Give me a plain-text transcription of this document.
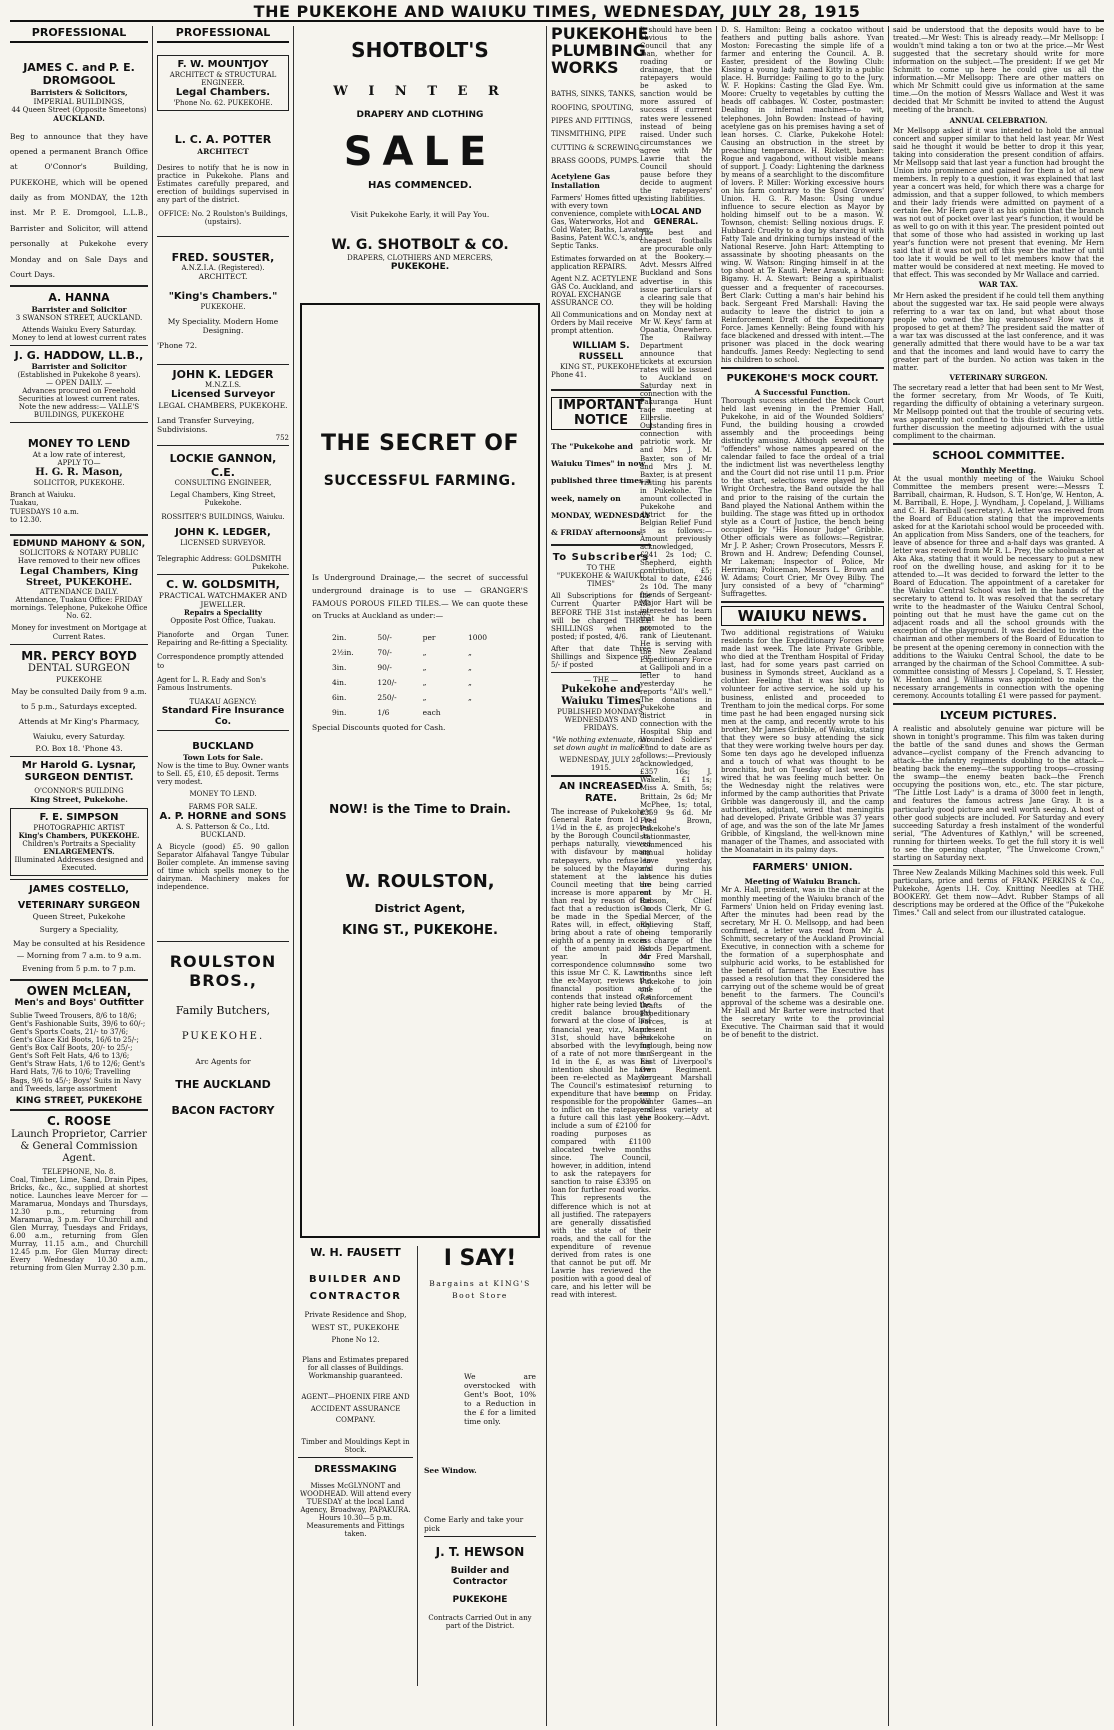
THE PUKEKOHE AND WAIUKU TIMES, WEDNESDAY, JULY 28, 1915
PROFESSIONAL
JAMES C. and P. E. DROMGOOL
Barristers & Solicitors,
IMPERIAL BUILDINGS,
44 Queen Street (Opposite Smeetons)
AUCKLAND.
Beg to announce that they have opened a permanent Branch Office at O'Connor's Building, PUKEKOHE, which will be opened daily as from MONDAY, the 12th inst. Mr P. E. Dromgool, L.L.B., Barrister and Solicitor, will attend personally at Pukekohe every Monday and on Sale Days and Court Days.
A. HANNA
Barrister and Solicitor
3 SWANSON STREET, AUCKLAND.
Attends Waiuku Every Saturday. Money to lend at lowest current rates
J. G. HADDOW, LL.B.,
Barrister and Solicitor
(Established in Pukekohe 8 years).
— OPEN DAILY. —
Advances procured on Freehold Securities at lowest current rates.
Note the new address:— VALLE'S BUILDINGS, PUKEKOHE
MONEY TO LEND
At a low rate of interest,
APPLY TO—
H. G. R. Mason,
SOLICITOR, PUKEKOHE.
Branch at Waiuku. Tuakau, TUESDAYS 10 a.m. to 12.30.
EDMUND MAHONY & SON,
SOLICITORS & NOTARY PUBLIC
Have removed to their new offices
Legal Chambers, King Street, PUKEKOHE.
ATTENDANCE DAILY.
Attendance, Tuakau Office: FRIDAY mornings. Telephone, Pukekohe Office No. 62.
Money for investment on Mortgage at Current Rates.
MR. PERCY BOYD
DENTAL SURGEON
PUKEKOHE
May be consulted Daily from 9 a.m. to 5 p.m., Saturdays excepted.
Attends at Mr King's Pharmacy, Waiuku, every Saturday.
P.O. Box 18. 'Phone 43.
Mr Harold G. Lysnar,
SURGEON DENTIST.
O'CONNOR'S BUILDING
King Street, Pukekohe.
F. E. SIMPSON
PHOTOGRAPHIC ARTIST
King's Chambers, PUKEKOHE.
Children's Portraits a Speciality
ENLARGEMENTS.
Illuminated Addresses designed and Executed.
JAMES COSTELLO,
VETERINARY SURGEON
Queen Street, Pukekohe
Surgery a Speciality,
May be consulted at his Residence — Morning from 7 a.m. to 9 a.m. Evening from 5 p.m. to 7 p.m.
OWEN McLEAN,
Men's and Boys' Outfitter
Sublie Tweed Trousers, 8/6 to 18/6; Gent's Fashionable Suits, 39/6 to 60/-; Gent's Sports Coats, 21/- to 37/6; Gent's Glace Kid Boots, 16/6 to 25/-; Gent's Box Calf Boots, 20/- to 25/-; Gent's Soft Felt Hats, 4/6 to 13/6; Gent's Straw Hats, 1/6 to 12/6; Gent's Hard Hats, 7/6 to 10/6; Travelling Bags, 9/6 to 45/-; Boys' Suits in Navy and Tweeds, large assortment
KING STREET, PUKEKOHE
C. ROOSE
Launch Proprietor, Carrier & General Commission Agent.
TELEPHONE, No. 8.
Coal, Timber, Lime, Sand, Drain Pipes, Bricks, &c., &c., supplied at shortest notice. Launches leave Mercer for — Maramarua, Mondays and Thursdays, 12.30 p.m., returning from Maramarua, 3 p.m. For Churchill and Glen Murray, Tuesdays and Fridays, 6.00 a.m., returning from Glen Murray, 11.15 a.m., and Churchill 12.45 p.m. For Glen Murray direct: Every Wednesday 10.30 a.m., returning from Glen Murray 2.30 p.m.
PROFESSIONAL
F. W. MOUNTJOY
ARCHITECT & STRUCTURAL ENGINEER.
Legal Chambers.
'Phone No. 62. PUKEKOHE.
L. C. A. POTTER
ARCHITECT
Desires to notify that he is now in practice in Pukekohe. Plans and Estimates carefully prepared, and erection of buildings supervised in any part of the district.
OFFICE: No. 2 Roulston's Buildings, (upstairs).
FRED. SOUSTER,
A.N.Z.I.A. (Registered).
ARCHITECT.
"King's Chambers."
PUKEKOHE.
My Speciality. Modern Home Designing.
'Phone 72.
JOHN K. LEDGER
M.N.Z.I.S.
Licensed Surveyor
LEGAL CHAMBERS, PUKEKOHE.
Land Transfer Surveying, Subdivisions.
752
LOCKIE GANNON, C.E.
CONSULTING ENGINEER,
Legal Chambers, King Street, Pukekohe.
ROSSITER'S BUILDINGS, Waiuku.
JOHN K. LEDGER,
LICENSED SURVEYOR.
Telegraphic Address: GOLDSMITH
Pukekohe.
C. W. GOLDSMITH,
PRACTICAL WATCHMAKER AND JEWELLER.
Repairs a Speciality
Opposite Post Office, Tuakau.
Pianoforte and Organ Tuner. Repairing and Re-fitting a Speciality.
Correspondence promptly attended to
Agent for L. R. Eady and Son's Famous Instruments.
TUAKAU AGENCY:
Standard Fire Insurance Co.
BUCKLAND
Town Lots for Sale.
Now is the time to Buy. Owner wants to Sell. £5, £10, £5 deposit. Terms very modest.
MONEY TO LEND.
FARMS FOR SALE.
A. P. HORNE and SONS
A. S. Patterson & Co., Ltd.
BUCKLAND.
A Bicycle (good) £5. 90 gallon Separator Alfahaval Tangye Tubular Boiler complete. An immense saving of time which spells money to the dairyman. Machinery makes for independence.
ROULSTON BROS.,
Family Butchers,
PUKEKOHE.
Arc Agents for
THE AUCKLAND
BACON FACTORY
SHOTBOLT'S
W I N T E R
DRAPERY AND CLOTHING
SALE
HAS COMMENCED.
Visit Pukekohe Early, it will Pay You.
W. G. SHOTBOLT & CO.
DRAPERS, CLOTHIERS AND MERCERS,
PUKEKOHE.
THE SECRET OF
SUCCESSFUL FARMING.
Is Underground Drainage,— the secret of successful underground drainage is to use — GRANGER'S FAMOUS POROUS FILED TILES.— We can quote these on Trucks at Auckland as under:—
2in.	50/-	per	1000
2½in.	70/-	„	„
3in.	90/-	„	„
4in.	120/-	„	„
6in.	250/-	„	„
9in.	1/6	each
Special Discounts quoted for Cash.
NOW! is the Time to Drain.
W. ROULSTON,
District Agent,
KING ST., PUKEKOHE.
W. H. FAUSETT
BUILDER AND CONTRACTOR
Private Residence and Shop,
WEST ST., PUKEKOHE
Phone No 12.
Plans and Estimates prepared for all classes of Buildings. Workmanship guaranteed.
AGENT—PHOENIX FIRE AND ACCIDENT ASSURANCE COMPANY.
Timber and Mouldings Kept in Stock.
DRESSMAKING
Misses McGLYNONT and WOODHEAD. Will attend every TUESDAY at the local Land Agency, Broadway, PAPAKURA. Hours 10.30—5 p.m. Measurements and Fittings taken.
I SAY!
Bargains at KING'S Boot Store
We are overstocked with Gent's Boot, 10% to a Reduction in the £ for a limited time only.
See Window.
Come Early and take your pick
J. T. HEWSON
Builder and Contractor
PUKEKOHE
Contracts Carried Out in any part of the District.
PUKEKOHE PLUMBING WORKS
BATHS, SINKS, TANKS, ROOFING, SPOUTING, PIPES AND FITTINGS, TINSMITHING, PIPE CUTTING & SCREWING, BRASS GOODS, PUMPS.
Acetylene Gas Installation
Farmers' Homes fitted up with every town convenience, complete with Gas, Waterworks, Hot and Cold Water, Baths, Lavatory Basins, Patent W.C.'s, and Septic Tanks.
Estimates forwarded on application REPAIRS.
Agent N.Z. ACETYLENE GAS Co. Auckland, and ROYAL EXCHANGE ASSURANCE CO.
All Communications and Orders by Mail receive prompt attention.
WILLIAM S. RUSSELL
KING ST., PUKEKOHE.
Phone 41.
IMPORTANT NOTICE
The "Pukekohe and Waiuku Times" in now published three times a week, namely on MONDAY, WEDNESDAY & FRIDAY afternoons.
To Subscribers
TO THE
"PUKEKOHE & WAIUKU TIMES"
All Subscriptions for the Current Quarter PAID BEFORE THE 31st instant, will be charged THREE SHILLINGS when not posted; if posted, 4/6.
After that date Three Shillings and Sixpence or 5/- if posted
— THE —
Pukekohe and Waiuku Times
PUBLISHED MONDAYS, WEDNESDAYS AND FRIDAYS.
"We nothing extenuate, nor set down aught in malice."
WEDNESDAY, JULY 28, 1915.
AN INCREASED RATE.
The increase of Pukekohe's General Rate from 1d to 1¼d in the £, as projected by the Borough Council is, perhaps naturally, viewed with disfavour by many ratepayers, who refuse to be soluced by the Mayor's statement at the last Council meeting that the increase is more apparent than real by reason of the fact that a reduction is to be made in the Special Rates will, in effect, only bring about a rate of one-eighth of a penny in excess of the amount paid last year. In our correspondence columns in this issue Mr C. K. Lawrie, the ex-Mayor, reviews the financial position and contends that instead of a higher rate being levied the credit balance brought forward at the close of last financial year, viz., March 31st, should have been absorbed with the levying of a rate of not more than 1d in the £, as was his intention should he have been re-elected as Mayor. The Council's estimates of expenditure that have been responsible for the proposal to inflict on the ratepayers a future call this last year include a sum of £2100 for roading purposes as compared with £1100 allocated twelve months since. The Council, however, in addition, intend to ask the ratepayers for sanction to raise £3395 on loan for further road works. This represents the difference which is not at all justified. The ratepayers are generally dissatisfied with the state of their roads, and the call for the expenditure of revenue derived from rates is one that cannot be put off. Mr Lawrie has reviewed the position with a good deal of care, and his letter will be read with interest.
It should have been obvious to the Council that any loan, whether for roading or drainage, that the ratepayers would be asked to sanction would be more assured of success if current rates were lessened instead of being raised. Under such circumstances we agree with Mr Lawrie that the Council should pause before they decide to augment the ratepayers' existing liabilities.
LOCAL AND GENERAL.
The best and cheapest footballs are procurable only at the Bookery.—Advt. Messrs Alfred Buckland and Sons advertise in this issue particulars of a clearing sale that they will be holding on Monday next at Mr W. Keys' farm at Opaatia, Onewhero. The Railway Department announce that tickets at excursion rates will be issued to Auckland on Saturday next in connection with the Pakuranga Hunt race meeting at Ellerslie. Outstanding fires in connection with patriotic work. Mr and Mrs J. M. Baxter, son of Mr and Mrs J. M. Baxter, is at present visiting his parents in Pukekohe. The amount collected in Pukekohe and district for the Belgian Relief Fund is as follows:—Amount previously acknowledged, £241 2s 1od; C. Shepherd, eighth contribution, £5; total to date, £246 2s 10d. The many friends of Sergeant-Major Hart will be interested to learn that he has been promoted to the rank of Lieutenant. He is serving with the New Zealand Expeditionary Force at Gallipoli and in a letter to hand yesterday he reports "All's well." The donations in Pukekohe and district in connection with the Hospital Ship and Wounded Soldiers' Fund to date are as follows:—Previously acknowledged, £357 16s; J. Wakelin, £1 1s; Miss A. Smith, 5s; Brittain, 2s 6d; Mr McPhee, 1s; total, £359 9s 6d. Mr Fred Brown, Pukekohe's stationmaster, commenced his annual holiday leave yesterday, and during his absence his duties are being carried out by Mr H. Robson, Chief Goods Clerk, Mr G. L. Mercer, of the Relieving Staff, being temporarily in charge of the Goods Department. Mr Fred Marshall, who some two months since left Pukekohe to join one of the Reinforcement Drafts of the Expeditionary Forces, is at present in Pukekohe on furlough, being now a Sergeant in the East of Liverpool's Own Regiment. Sergeant Marshall is returning to camp on Friday. Winter Games—an endless variety at the Bookery.—Advt.
D. S. Hamilton: Being a cockatoo without feathers and putting balls ashore. Yvan Moston: Forecasting the simple life of a farmer and entering the Council. A. B. Easter, president of the Bowling Club: Kissing a young lady named Kitty in a public place. H. Burridge: Failing to go to the Jury. W. F. Hopkins: Casting the Glad Eye. Wm. Moore: Cruelty to vegetables by cutting the heads off cabbages. W. Coster, postmaster: Dealing in infernal machines—to wit, telephones. John Bowden: Instead of having acetylene gas on his premises having a set of lean horses. C. Clarke, Pukekohe Hotel: Causing an obstruction in the street by preaching temperance. H. Rickett, banker: Rogue and vagabond, without visible means of support. J. Coady: Lightening the darkness by means of a searchlight to the discomfiture of lovers. P. Miller: Working excessive hours on his farm contrary to the Spud Growers' Union. H. G. R. Mason: Using undue influence to secure election as Mayor by holding himself out to be a mason. W. Townson, chemist: Selling noxious drugs. F. Hubbard: Cruelty to a dog by starving it with Fatty Tale and drinking turnips instead of the National Reserve. John Hart: Attempting to assassinate by shooting pheasants on the wing. W. Watson: Ringing himself in at the top shoot at Te Kauti. Peter Arasuk, a Maori: Bigamy. H. A. Stewart: Being a spiritualist guesser and a frequenter of racecourses. Bert Clark: Cutting a man's hair behind his back. Sergeant Fred Marshall: Having the audacity to leave the district to join a Reinforcement Draft of the Expeditionary Force. James Kennelly: Being found with his face blackened and dressed with intent.—The prisoner was placed in the dock wearing handcuffs. James Reedy: Neglecting to send his children to school.
PUKEKOHE'S MOCK COURT.
A Successful Function.
Thorough success attended the Mock Court held last evening in the Premier Hall, Pukekohe, in aid of the Wounded Soldiers' Fund, the building housing a crowded assembly and the proceedings being distinctly amusing. Although several of the "offenders" whose names appeared on the calendar failed to face the ordeal of a trial the indictment list was nevertheless lengthy and the Court did not rise until 11 p.m. Prior to the start, selections were played by the Wright Orchestra, the Band outside the hall and prior to the raising of the curtain the Band played the National Anthem within the building. The stage was fitted up in orthodox style as a Court of Justice, the bench being occupied by "His Honour Judge" Gribble. Other officials were as follows:—Registrar, Mr J. P. Asher; Crown Prosecutors, Messrs F. Brown and H. Andrew; Defending Counsel, Mr Lakeman; Inspector of Police, Mr Herriman; Policeman, Messrs L. Brown and W. Adams; Court Crier, Mr Ovey Bilby. The Jury consisted of a bevy of "charming" Suffragettes.
WAIUKU NEWS.
Two additional registrations of Waiuku residents for the Expeditionary Forces were made last week. The late Private Gribble, who died at the Trentham Hospital of Friday last, had for some years past carried on business in Symonds street, Auckland as a clothier. Feeling that it was his duty to volunteer for active service, he sold up his business, enlisted and proceeded to Trentham to join the medical corps. For some time past he had been engaged nursing sick men at the camp, and recently wrote to his brother, Mr James Gribble, of Waiuku, stating that they were so busy attending the sick that they were working twelve hours per day. Some ten days ago he developed influenza and a touch of what was thought to be bronchitis, but on Tuesday of last week he wired that he was feeling much better. On the Wednesday night the relatives were informed by the camp authorities that Private Gribble was dangerously ill, and the camp authorities, adjutant, wired that meningitis had developed. Private Gribble was 37 years of age, and was the son of the late Mr James Gribble, of Kingsland, the well-known mine manager of the Thames, and associated with the Moanatairi in its palmy days.
FARMERS' UNION.
Meeting of Waiuku Branch.
Mr A. Hall, president, was in the chair at the monthly meeting of the Waiuku branch of the Farmers' Union held on Friday evening last. After the minutes had been read by the secretary, Mr H. O. Mellsopp, and had been confirmed, a letter was read from Mr A. Schmitt, secretary of the Auckland Provincial Executive, in connection with a scheme for the formation of a superphosphate and sulphuric acid works, to be established for the benefit of farmers. The Executive has passed a resolution that they considered the carrying out of the scheme would be of great benefit to the farmers. The Council's approval of the scheme was a desirable one. Mr Hall and Mr Barter were instructed that the secretary write to the provincial Executive. The Chairman said that it would be of benefit to the district.
said be understood that the deposits would have to be treated.—Mr West: This is already ready.—Mr Mellsopp: I wouldn't mind taking a ton or two at the price.—Mr West suggested that the secretary should write for more information on the subject.—The president: If we get Mr Schmitt to come up here he could give us all the information.—Mr Mellsopp: There are other matters on which Mr Schmitt could give us information at the same time.—On the motion of Messrs Wallace and West it was decided that Mr Schmitt be invited to attend the August meeting of the branch.
ANNUAL CELEBRATION.
Mr Mellsopp asked if it was intended to hold the annual concert and supper similar to that held last year. Mr West said he thought it would be better to drop it this year, taking into consideration the present condition of affairs. Mr Mellsopp said that last year a function had brought the Union into prominence and gained for them a lot of new members. In reply to a question, it was explained that last year a concert was held, for which there was a charge for admission, and that a supper followed, to which members and their lady friends were admitted on payment of a certain fee. Mr Hern gave it as his opinion that the branch was not out of pocket over last year's function, it would be as well to go on with it this year. The president pointed out that some of those who had assisted in working up last year's function were not present that evening. Mr Hern said that if it was not put off this year the matter of until too late it would be well to let members know that the matter would be considered at next meeting. He moved to that effect. This was seconded by Mr Wallace and carried.
WAR TAX.
Mr Hern asked the president if he could tell them anything about the suggested war tax. He said people were always referring to a war tax on land, but what about those people who owned the big warehouses? How was it proposed to get at them? The president said the matter of a war tax was discussed at the last conference, and it was generally admitted that there would have to be a war tax and that the incomes and land would have to carry the greater part of the burden. No action was taken in the matter.
VETERINARY SURGEON.
The secretary read a letter that had been sent to Mr West, the former secretary, from Mr Woods, of Te Kuiti, regarding the difficulty of obtaining a veterinary surgeon. Mr Mellsopp pointed out that the trouble of securing vets. was apparently not confined to this district. After a little further discussion the meeting adjourned with the usual compliment to the chairman.
SCHOOL COMMITTEE.
Monthly Meeting.
At the usual monthly meeting of the Waiuku School Committee the members present were:—Messrs T. Barriball, chairman, R. Hudson, S. T. Hon'ge, W. Henton, A. M. Barriball, E. Hope, J. Wyndham, J. Copeland, J. Williams and C. H. Barriball (secretary). A letter was received from the Board of Education stating that the improvements asked for at the Kariotahi school would be proceeded with. An application from Miss Sanders, one of the teachers, for leave of absence for three and a-half days was granted. A letter was received from Mr R. L. Prey, the schoolmaster at Aka Aka, stating that it would be necessary to put a new roof on the dwelling house, and asking for it to be attended to.—It was decided to forward the letter to the Board of Education. The appointment of a caretaker for the Waiuku Central School was left in the hands of the secretary to attend to. It was resolved that the secretary write to the headmaster of the Waiuku Central School, pointing out that he must have the game cut on the adjacent roads and all the school grounds with the exception of the playground. It was decided to invite the chairman and other members of the Board of Education to be present at the opening ceremony in connection with the additions to the Waiuku Central School, the date to be arranged by the chairman of the School Committee. A sub-committee consisting of Messrs J. Copeland, S. T. Hessier, W. Henton and J. Williams was appointed to make the necessary arrangements in connection with the opening ceremony. Accounts totalling £1 were passed for payment.
LYCEUM PICTURES.
A realistic and absolutely genuine war picture will be shown in tonight's programme. This film was taken during the battle of the sand dunes and shows the German advance—cyclist company of the French advancing to attack—the infantry regiments doubling to the attack—beating back the enemy—the supporting troops—crossing the swamp—the enemy beaten back—the French occupying the positions won, etc., etc. The star picture, "The Little Lost Lady" is a drama of 3000 feet in length, and features the famous actress Jane Gray. It is a particularly good picture and well worth seeing. A host of other good subjects are included. For Saturday and every succeeding Saturday a fresh instalment of the wonderful serial, "The Adventures of Kathlyn," will be screened, running for thirteen weeks. To get the full story it is well to see the opening chapter, "The Unwelcome Crown," starting on Saturday next.
Three New Zealands Milking Machines sold this week. Full particulars, price and terms of FRANK PERKINS & Co., Pukekohe, Agents I.H. Coy. Knitting Needles at THE BOOKERY. Get them now—Advt. Rubber Stamps of all descriptions may be ordered at the Office of the "Pukekohe Times." Call and select from our illustrated catalogue.
